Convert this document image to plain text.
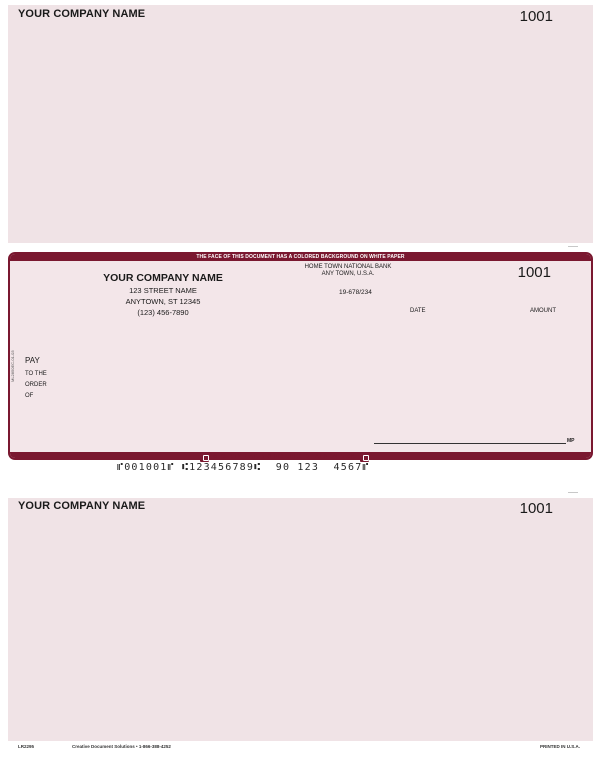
YOUR COMPANY NAME	1001
THE FACE OF THIS DOCUMENT HAS A COLORED BACKGROUND ON WHITE PAPER
YOUR COMPANY NAME
123 STREET NAME
ANYTOWN, ST 12345
(123) 456-7890
HOME TOWN NATIONAL BANK
ANY TOWN, U.S.A.
19-678/234
1001
DATE	AMOUNT
ML2850EC-01-03	PAY
TO THE
ORDER
OF
MP
SECURITY FEATURES INCLUDED. DETAILS ON BACK.
⑈001001⑈ ⑆123456789⑆  90 123  4567⑈
YOUR COMPANY NAME	1001
LR2295	Creative Document Solutions • 1-866-388-4252	PRINTED IN U.S.A.
